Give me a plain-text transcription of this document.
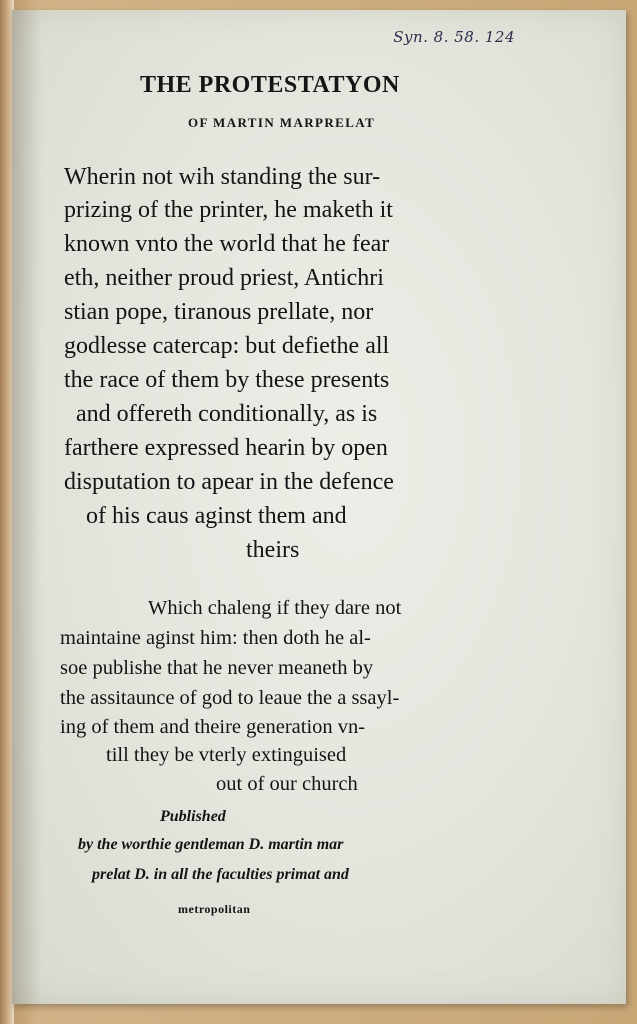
Syn. 8. 58. 124
THE PROTESTATYON
OF MARTIN MARPRELAT
Wherin not wih standing the sur-
prizing of the printer, he maketh it
known vnto the world that he fear
eth, neither proud priest, Antichri
stian pope, tiranous prellate, nor
godlesse catercap: but defiethe all
the race of them by these presents
and offereth conditionally, as is
farthere expressed hearin by open
disputation to apear in the defence
of his caus aginst them and
theirs
Which chaleng if they dare not
maintaine aginst him: then doth he al-
soe publishe that he never meaneth by
the assitaunce of god to leaue the a ssayl-
ing of them and theire generation vn-
till they be vterly extinguised
out of our church
Published
by the worthie gentleman D. martin mar
prelat D. in all the faculties primat and
metropolitan
